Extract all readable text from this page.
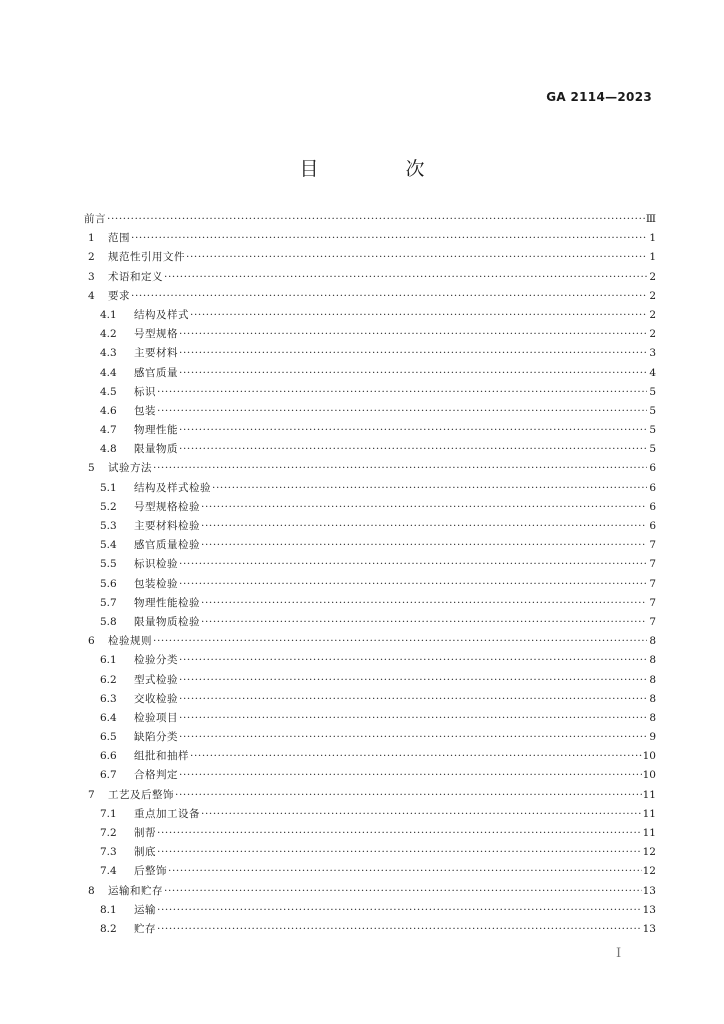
GA 2114—2023
目　次
前言 ·····	Ⅲ
1	范围 ·····	1
2	规范性引用文件 ·····	1
3	术语和定义 ·····	2
4	要求 ·····	2
4.1	结构及样式 ·····	2
4.2	号型规格 ·····	2
4.3	主要材料 ·····	3
4.4	感官质量 ·····	4
4.5	标识 ·····	5
4.6	包装 ·····	5
4.7	物理性能 ·····	5
4.8	限量物质 ·····	5
5	试验方法 ·····	6
5.1	结构及样式检验 ·····	6
5.2	号型规格检验 ·····	6
5.3	主要材料检验 ·····	6
5.4	感官质量检验 ·····	7
5.5	标识检验 ·····	7
5.6	包装检验 ·····	7
5.7	物理性能检验 ·····	7
5.8	限量物质检验 ·····	7
6	检验规则 ·····	8
6.1	检验分类 ·····	8
6.2	型式检验 ·····	8
6.3	交收检验 ·····	8
6.4	检验项目 ·····	8
6.5	缺陷分类 ·····	9
6.6	组批和抽样 ·····	10
6.7	合格判定 ·····	10
7	工艺及后整饰 ·····	11
7.1	重点加工设备 ·····	11
7.2	制帮 ·····	11
7.3	制底 ·····	12
7.4	后整饰 ·····	12
8	运输和贮存 ·····	13
8.1	运输 ·····	13
8.2	贮存 ·····	13
I
